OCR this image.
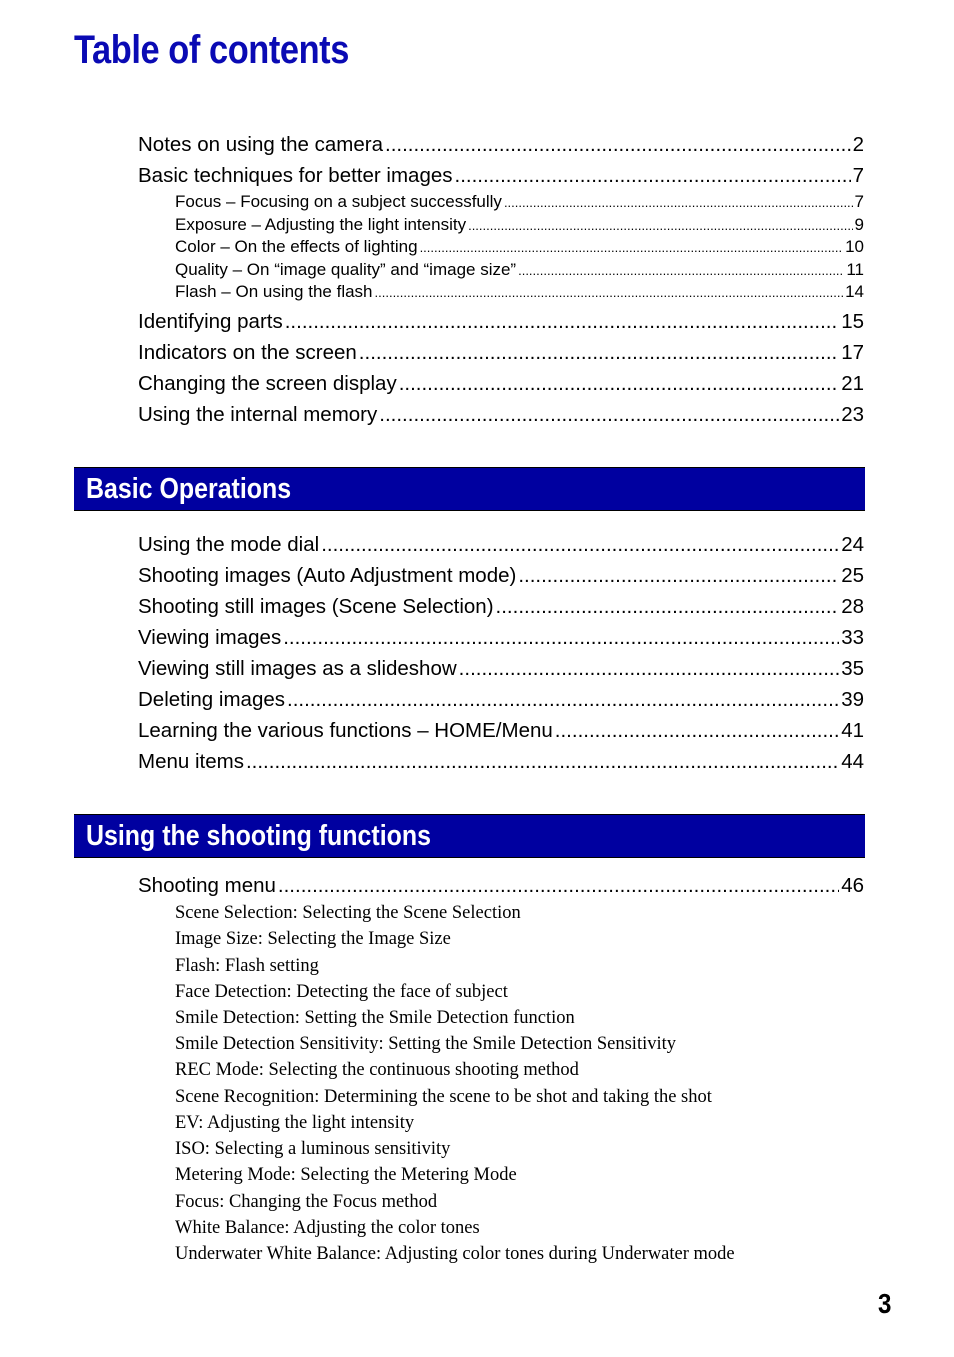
Table of contents
Notes on using the camera .....	2
Basic techniques for better images .....	7
Focus – Focusing on a subject successfully .....	7
Exposure – Adjusting the light intensity .....	9
Color – On the effects of lighting .....	10
Quality – On “image quality” and “image size” .....	11
Flash – On using the flash .....	14
Identifying parts .....	15
Indicators on the screen .....	17
Changing the screen display .....	21
Using the internal memory .....	23
Basic Operations
Using the mode dial .....	24
Shooting images (Auto Adjustment mode) .....	25
Shooting still images (Scene Selection) .....	28
Viewing images .....	33
Viewing still images as a slideshow .....	35
Deleting images .....	39
Learning the various functions – HOME/Menu .....	41
Menu items .....	44
Using the shooting functions
Shooting menu .....	46
Scene Selection: Selecting the Scene Selection
Image Size: Selecting the Image Size
Flash: Flash setting
Face Detection: Detecting the face of subject
Smile Detection: Setting the Smile Detection function
Smile Detection Sensitivity: Setting the Smile Detection Sensitivity
REC Mode: Selecting the continuous shooting method
Scene Recognition: Determining the scene to be shot and taking the shot
EV: Adjusting the light intensity
ISO: Selecting a luminous sensitivity
Metering Mode: Selecting the Metering Mode
Focus: Changing the Focus method
White Balance: Adjusting the color tones
Underwater White Balance: Adjusting color tones during Underwater mode
3
